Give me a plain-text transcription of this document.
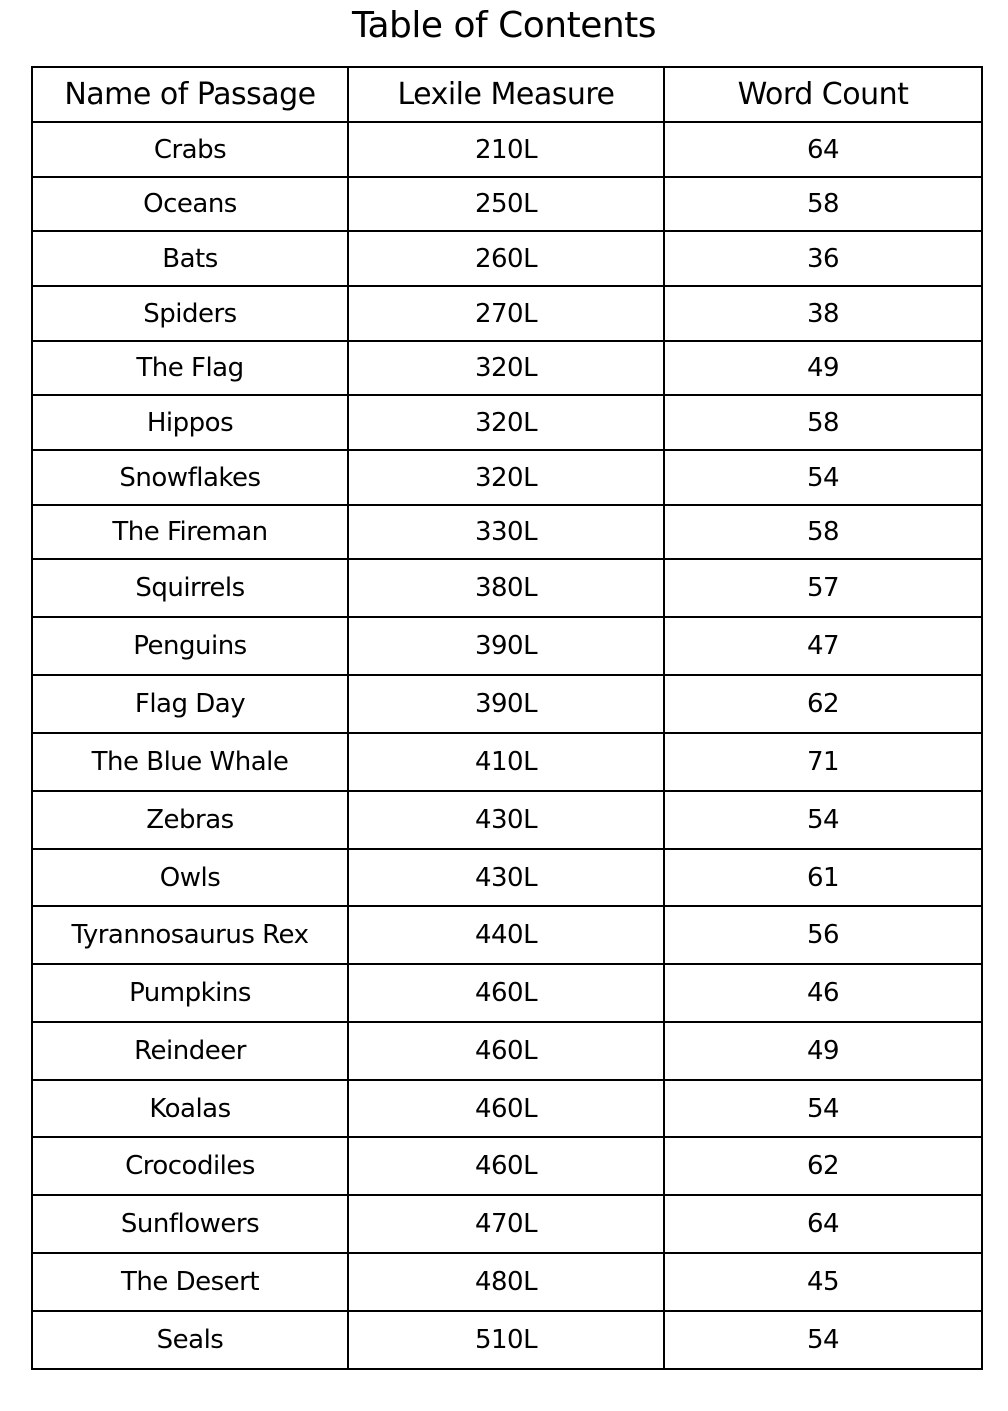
Table of Contents
Name of Passage	Lexile Measure	Word Count
Crabs	210L	64
Oceans	250L	58
Bats	260L	36
Spiders	270L	38
The Flag	320L	49
Hippos	320L	58
Snowflakes	320L	54
The Fireman	330L	58
Squirrels	380L	57
Penguins	390L	47
Flag Day	390L	62
The Blue Whale	410L	71
Zebras	430L	54
Owls	430L	61
Tyrannosaurus Rex	440L	56
Pumpkins	460L	46
Reindeer	460L	49
Koalas	460L	54
Crocodiles	460L	62
Sunflowers	470L	64
The Desert	480L	45
Seals	510L	54
